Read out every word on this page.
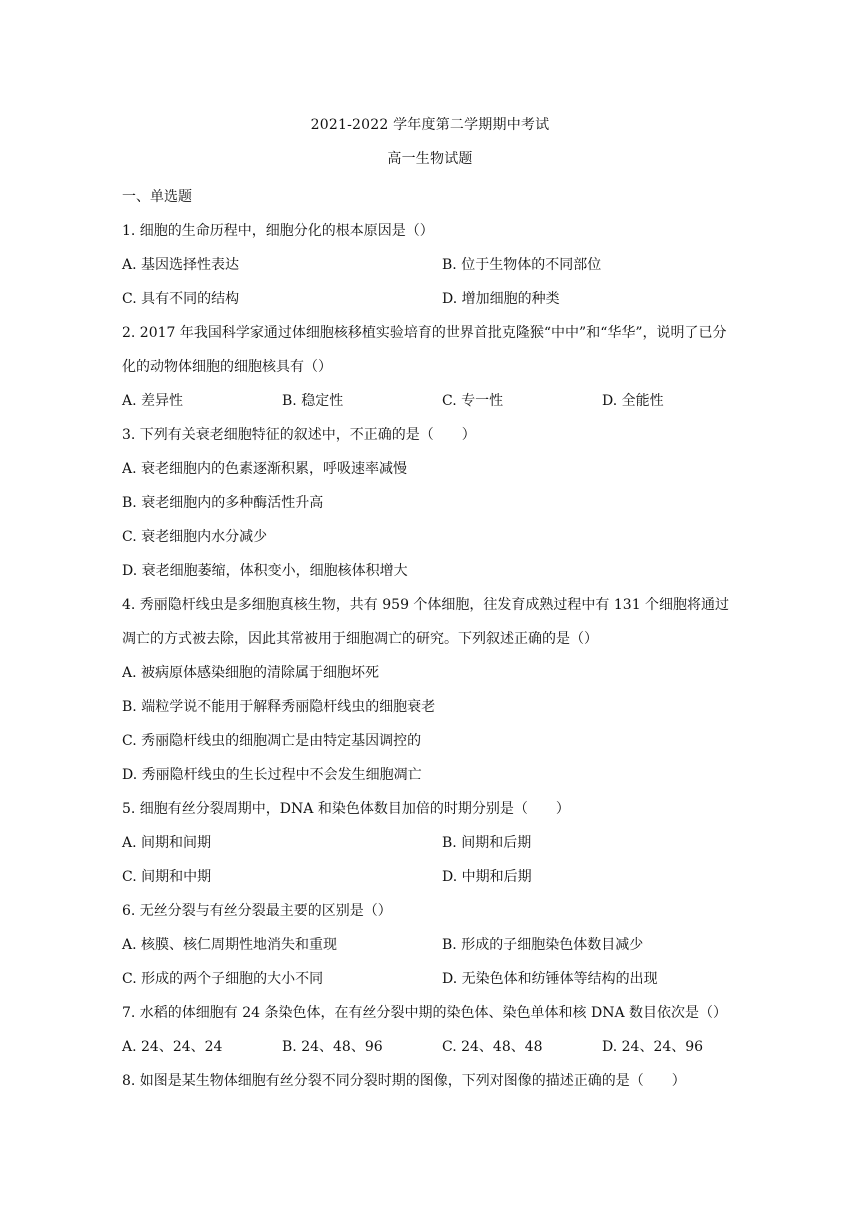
2021-2022 学年度第二学期期中考试
高一生物试题
一、单选题
1. 细胞的生命历程中，细胞分化的根本原因是（）
A. 基因选择性表达	B. 位于生物体的不同部位
C. 具有不同的结构	D. 增加细胞的种类
2. 2017 年我国科学家通过体细胞核移植实验培育的世界首批克隆猴“中中”和“华华”，说明了已分
化的动物体细胞的细胞核具有（）
A. 差异性	B. 稳定性	C. 专一性	D. 全能性
3. 下列有关衰老细胞特征的叙述中，不正确的是（　　）
A. 衰老细胞内的色素逐渐积累，呼吸速率减慢
B. 衰老细胞内的多种酶活性升高
C. 衰老细胞内水分减少
D. 衰老细胞萎缩，体积变小，细胞核体积增大
4. 秀丽隐杆线虫是多细胞真核生物，共有 959 个体细胞，往发育成熟过程中有 131 个细胞将通过
凋亡的方式被去除，因此其常被用于细胞凋亡的研究。下列叙述正确的是（）
A. 被病原体感染细胞的清除属于细胞坏死
B. 端粒学说不能用于解释秀丽隐杆线虫的细胞衰老
C. 秀丽隐杆线虫的细胞凋亡是由特定基因调控的
D. 秀丽隐杆线虫的生长过程中不会发生细胞凋亡
5. 细胞有丝分裂周期中，DNA 和染色体数目加倍的时期分别是（　　）
A. 间期和间期	B. 间期和后期
C. 间期和中期	D. 中期和后期
6. 无丝分裂与有丝分裂最主要的区别是（）
A. 核膜、核仁周期性地消失和重现	B. 形成的子细胞染色体数目减少
C. 形成的两个子细胞的大小不同	D. 无染色体和纺锤体等结构的出现
7. 水稻的体细胞有 24 条染色体，在有丝分裂中期的染色体、染色单体和核 DNA 数目依次是（）
A. 24、24、24	B. 24、48、96	C. 24、48、48	D. 24、24、96
8. 如图是某生物体细胞有丝分裂不同分裂时期的图像，下列对图像的描述正确的是（　　）
